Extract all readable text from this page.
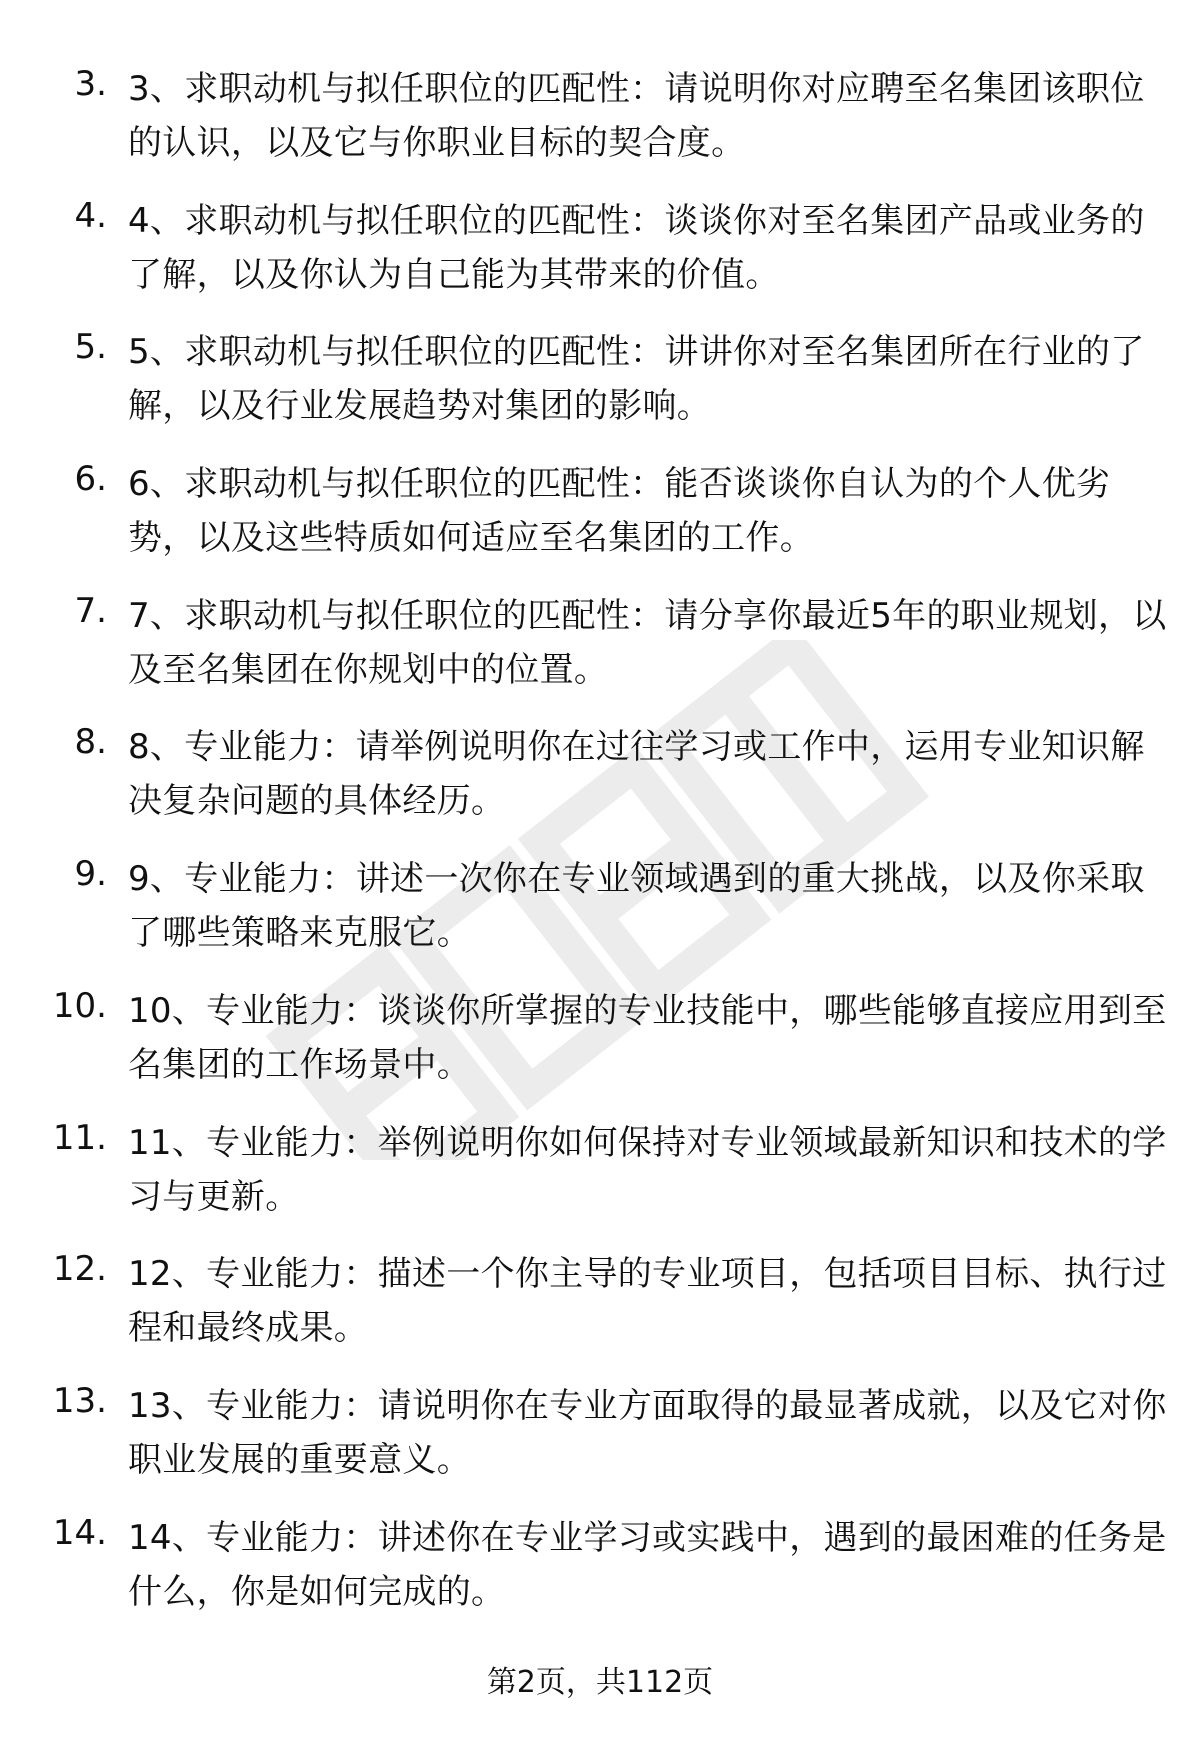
3. 3、求职动机与拟任职位的匹配性：请说明你对应聘至名集团该职位的认识，以及它与你职业目标的契合度。
4. 4、求职动机与拟任职位的匹配性：谈谈你对至名集团产品或业务的了解，以及你认为自己能为其带来的价值。
5. 5、求职动机与拟任职位的匹配性：讲讲你对至名集团所在行业的了解，以及行业发展趋势对集团的影响。
6. 6、求职动机与拟任职位的匹配性：能否谈谈你自认为的个人优劣势，以及这些特质如何适应至名集团的工作。
7. 7、求职动机与拟任职位的匹配性：请分享你最近5年的职业规划，以及至名集团在你规划中的位置。
8. 8、专业能力：请举例说明你在过往学习或工作中，运用专业知识解决复杂问题的具体经历。
9. 9、专业能力：讲述一次你在专业领域遇到的重大挑战，以及你采取了哪些策略来克服它。
10. 10、专业能力：谈谈你所掌握的专业技能中，哪些能够直接应用到至名集团的工作场景中。
11. 11、专业能力：举例说明你如何保持对专业领域最新知识和技术的学习与更新。
12. 12、专业能力：描述一个你主导的专业项目，包括项目目标、执行过程和最终成果。
13. 13、专业能力：请说明你在专业方面取得的最显著成就，以及它对你职业发展的重要意义。
14. 14、专业能力：讲述你在专业学习或实践中，遇到的最困难的任务是什么，你是如何完成的。
第2页，共112页
